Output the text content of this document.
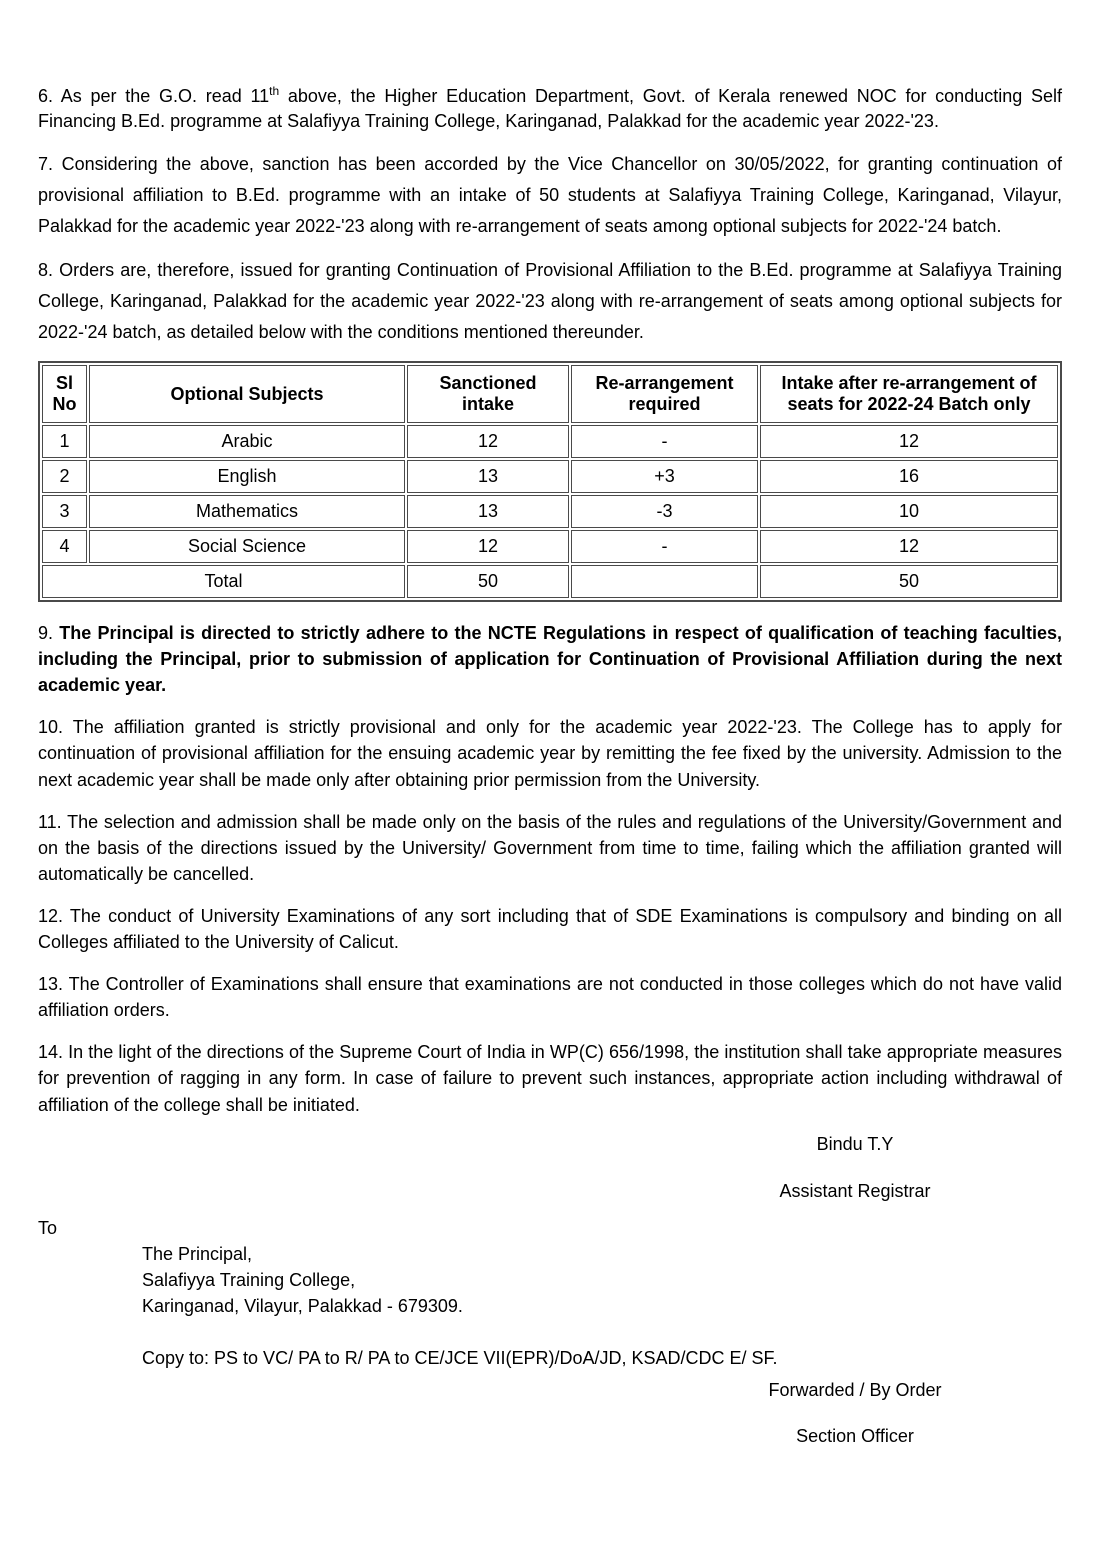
6. As per the G.O. read 11th above, the Higher Education Department, Govt. of Kerala renewed NOC for conducting Self Financing B.Ed. programme at Salafiyya Training College, Karinganad, Palakkad for the academic year 2022-'23.

7. Considering the above, sanction has been accorded by the Vice Chancellor on 30/05/2022, for granting continuation of provisional affiliation to B.Ed. programme with an intake of 50 students at Salafiyya Training College, Karinganad, Vilayur, Palakkad for the academic year 2022-'23 along with re-arrangement of seats among optional subjects for 2022-'24 batch.

8. Orders are, therefore, issued for granting Continuation of Provisional Affiliation to the B.Ed. programme at Salafiyya Training College, Karinganad, Palakkad for the academic year 2022-'23 along with re-arrangement of seats among optional subjects for 2022-'24 batch, as detailed below with the conditions mentioned thereunder.

Sl No	Optional Subjects	Sanctioned intake	Re-arrangement required	Intake after re-arrangement of seats for 2022-24 Batch only
1	Arabic	12	-	12
2	English	13	+3	16
3	Mathematics	13	-3	10
4	Social Science	12	-	12
Total		50		50

9. The Principal is directed to strictly adhere to the NCTE Regulations in respect of qualification of teaching faculties, including the Principal, prior to submission of application for Continuation of Provisional Affiliation during the next academic year.

10. The affiliation granted is strictly provisional and only for the academic year 2022-'23. The College has to apply for continuation of provisional affiliation for the ensuing academic year by remitting the fee fixed by the university. Admission to the next academic year shall be made only after obtaining prior permission from the University.

11. The selection and admission shall be made only on the basis of the rules and regulations of the University/Government and on the basis of the directions issued by the University/ Government from time to time, failing which the affiliation granted will automatically be cancelled.

12. The conduct of University Examinations of any sort including that of SDE Examinations is compulsory and binding on all Colleges affiliated to the University of Calicut.

13. The Controller of Examinations shall ensure that examinations are not conducted in those colleges which do not have valid affiliation orders.

14. In the light of the directions of the Supreme Court of India in WP(C) 656/1998, the institution shall take appropriate measures for prevention of ragging in any form. In case of failure to prevent such instances, appropriate action including withdrawal of affiliation of the college shall be initiated.

Bindu T.Y
Assistant Registrar
To
The Principal,
Salafiyya Training College,
Karinganad, Vilayur, Palakkad - 679309.
Copy to: PS to VC/ PA to R/ PA to CE/JCE VII(EPR)/DoA/JD, KSAD/CDC E/ SF.
Forwarded / By Order
Section Officer
